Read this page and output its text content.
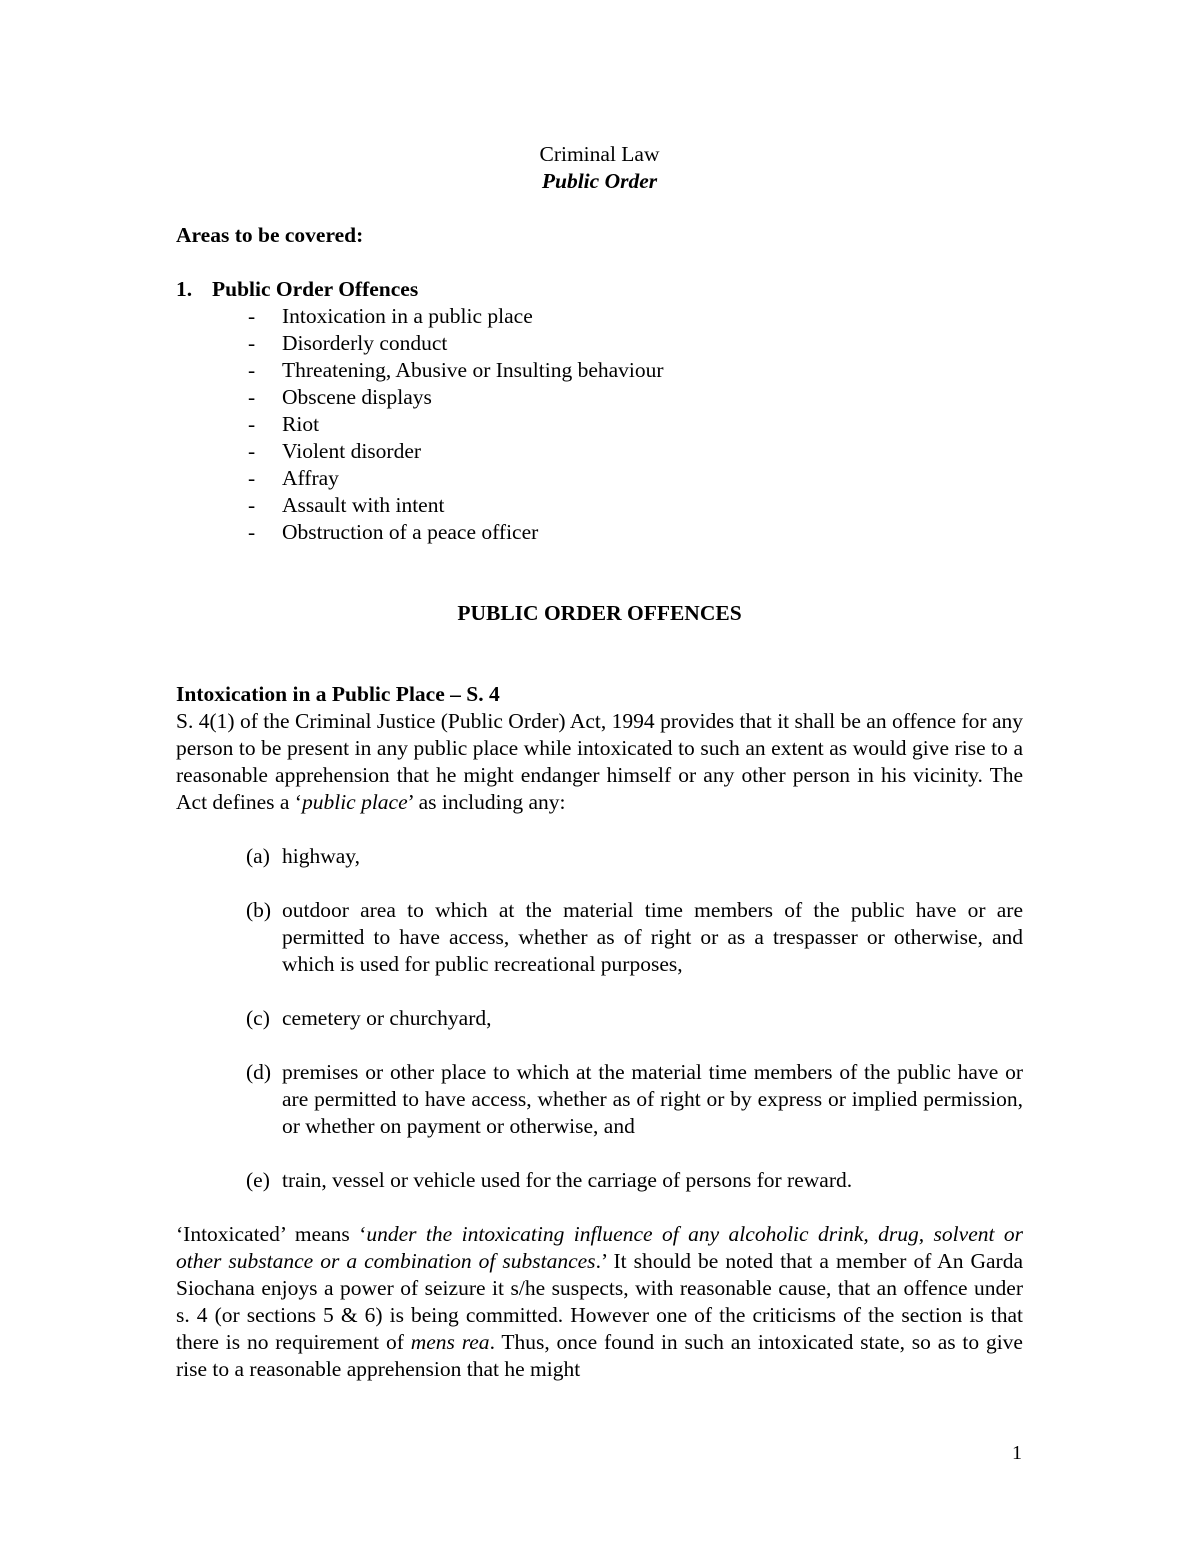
Criminal Law

Public Order

Areas to be covered:

1. Public Order Offences

- Intoxication in a public place
- Disorderly conduct
- Threatening, Abusive or Insulting behaviour
- Obscene displays
- Riot
- Violent disorder
- Affray
- Assault with intent
- Obstruction of a peace officer

PUBLIC ORDER OFFENCES

Intoxication in a Public Place – S. 4

S. 4(1) of the Criminal Justice (Public Order) Act, 1994 provides that it shall be an offence for any person to be present in any public place while intoxicated to such an extent as would give rise to a reasonable apprehension that he might endanger himself or any other person in his vicinity. The Act defines a ‘public place’ as including any:

(a) highway,
(b) outdoor area to which at the material time members of the public have or are permitted to have access, whether as of right or as a trespasser or otherwise, and which is used for public recreational purposes,
(c) cemetery or churchyard,
(d) premises or other place to which at the material time members of the public have or are permitted to have access, whether as of right or by express or implied permission, or whether on payment or otherwise, and
(e) train, vessel or vehicle used for the carriage of persons for reward.

‘Intoxicated’ means ‘under the intoxicating influence of any alcoholic drink, drug, solvent or other substance or a combination of substances.’ It should be noted that a member of An Garda Siochana enjoys a power of seizure it s/he suspects, with reasonable cause, that an offence under s. 4 (or sections 5 & 6) is being committed. However one of the criticisms of the section is that there is no requirement of mens rea. Thus, once found in such an intoxicated state, so as to give rise to a reasonable apprehension that he might

1
